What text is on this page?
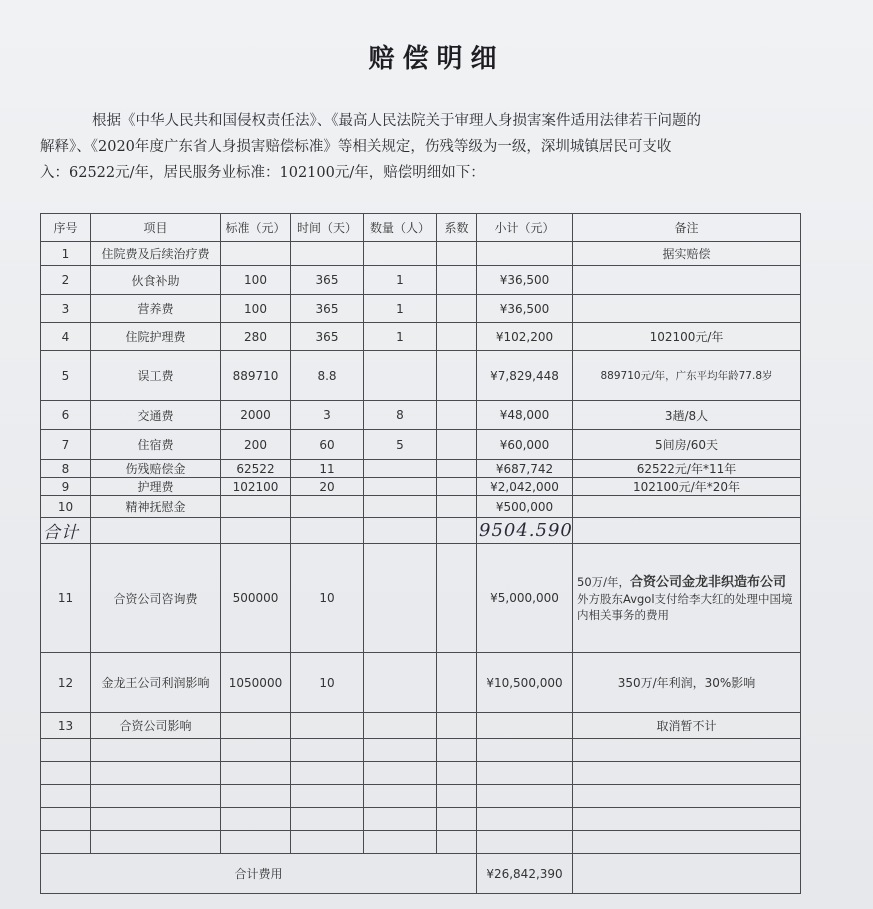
赔偿明细
根据《中华人民共和国侵权责任法》、《最高人民法院关于审理人身损害案件适用法律若干问题的
解释》、《2020年度广东省人身损害赔偿标准》等相关规定，伤残等级为一级，深圳城镇居民可支收
入：62522元/年，居民服务业标准：102100元/年，赔偿明细如下：
序号	项目	标准（元）	时间（天）	数量（人）	系数	小计（元）	备注
1	住院费及后续治疗费						据实赔偿
2	伙食补助	100	365	1		¥36,500	
3	营养费	100	365	1		¥36,500	
4	住院护理费	280	365	1		¥102,200	102100元/年
5	误工费	889710	8.8			¥7,829,448	889710元/年，广东平均年龄77.8岁
6	交通费	2000	3	8		¥48,000	3趟/8人
7	住宿费	200	60	5		¥60,000	5间房/60天
8	伤残赔偿金	62522	11			¥687,742	62522元/年*11年
9	护理费	102100	20			¥2,042,000	102100元/年*20年
10	精神抚慰金					¥500,000	
合计						9504.590	
11	合资公司咨询费	500000	10			¥5,000,000	50万/年，合资公司金龙非织造布公司外方股东Avgol支付给李大红的处理中国境内相关事务的费用
12	金龙王公司利润影响	1050000	10			¥10,500,000	350万/年利润，30%影响
13	合资公司影响						取消暂不计

合计费用						¥26,842,390	
